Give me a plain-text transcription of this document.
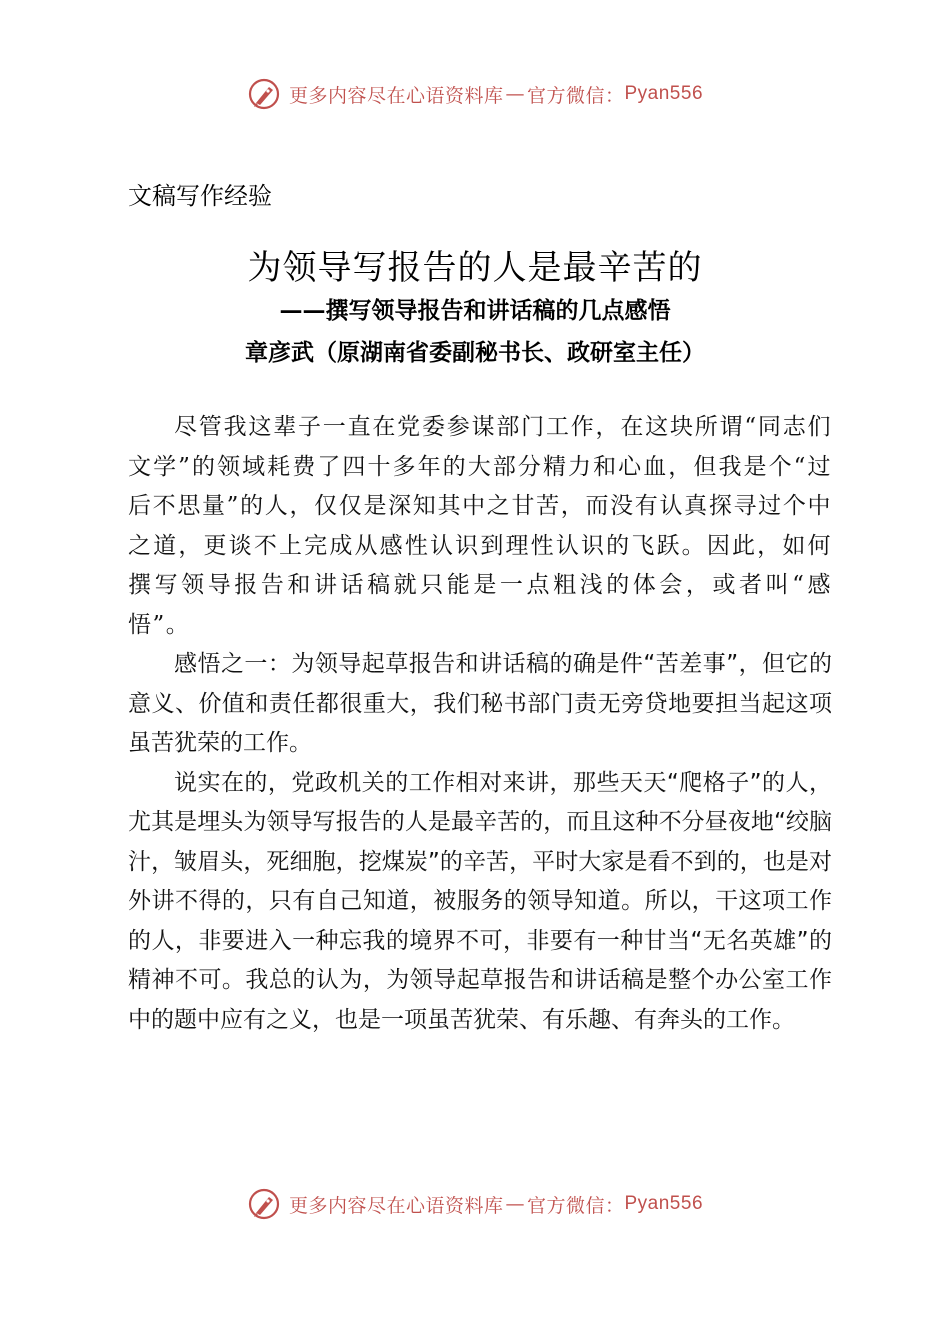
更多内容尽在心语资料库 — 官方微信： Pyan556
文稿写作经验
为领导写报告的人是最辛苦的
——撰写领导报告和讲话稿的几点感悟
章彦武（原湖南省委副秘书长、政研室主任）

尽管我这辈子一直在党委参谋部门工作，在这块所谓“同志们文学”的领域耗费了四十多年的大部分精力和心血，但我是个“过后不思量”的人，仅仅是深知其中之甘苦，而没有认真探寻过个中之道，更谈不上完成从感性认识到理性认识的飞跃。因此，如何撰写领导报告和讲话稿就只能是一点粗浅的体会，或者叫“感悟”。

感悟之一：为领导起草报告和讲话稿的确是件“苦差事”，但它的意义、价值和责任都很重大，我们秘书部门责无旁贷地要担当起这项虽苦犹荣的工作。

说实在的，党政机关的工作相对来讲，那些天天“爬格子”的人，尤其是埋头为领导写报告的人是最辛苦的，而且这种不分昼夜地“绞脑汁，皱眉头，死细胞，挖煤炭”的辛苦，平时大家是看不到的，也是对外讲不得的，只有自己知道，被服务的领导知道。所以，干这项工作的人，非要进入一种忘我的境界不可，非要有一种甘当“无名英雄”的精神不可。我总的认为，为领导起草报告和讲话稿是整个办公室工作中的题中应有之义，也是一项虽苦犹荣、有乐趣、有奔头的工作。

更多内容尽在心语资料库 — 官方微信： Pyan556
